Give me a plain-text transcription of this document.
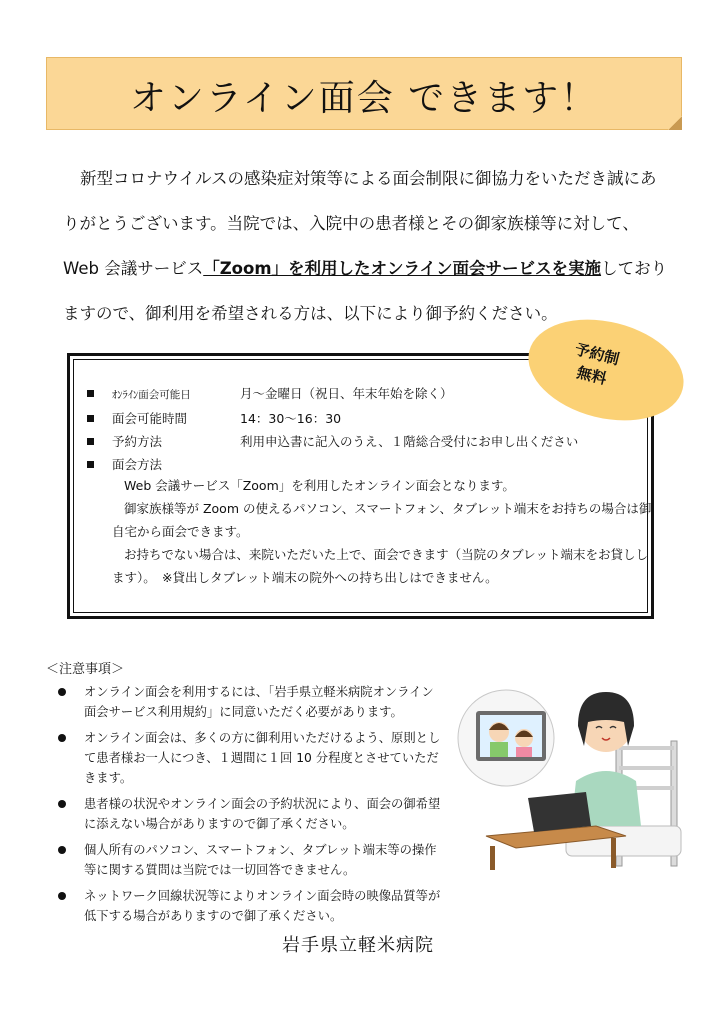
オンライン面会 できます！

新型コロナウイルスの感染症対策等による面会制限に御協力をいただき誠にありがとうございます。当院では、入院中の患者様とその御家族様等に対して、Web 会議サービス「Zoom」を利用したオンライン面会サービスを実施しておりますので、御利用を希望される方は、以下により御予約ください。

ｵﾝﾗｲﾝ面会可能日	月～金曜日（祝日、年末年始を除く）
面会可能時間	14：30～16：30
予約方法	利用申込書に記入のうえ、１階総合受付にお申し出ください
面会方法

Web 会議サービス「Zoom」を利用したオンライン面会となります。

御家族様等が Zoom の使えるパソコン、スマートフォン、タブレット端末をお持ちの場合は御自宅から面会できます。

お持ちでない場合は、来院いただいた上で、面会できます（当院のタブレット端末をお貸しします）。　※貸出しタブレット端末の院外への持ち出しはできません。

予約制
無料
＜注意事項＞
オンライン面会を利用するには、「岩手県立軽米病院オンライン面会サービス利用規約」に同意いただく必要があります。
オンライン面会は、多くの方に御利用いただけるよう、原則として患者様お一人につき、１週間に１回 10 分程度とさせていただきます。
患者様の状況やオンライン面会の予約状況により、面会の御希望に添えない場合がありますので御了承ください。
個人所有のパソコン、スマートフォン、タブレット端末等の操作等に関する質問は当院では一切回答できません。
ネットワーク回線状況等によりオンライン面会時の映像品質等が低下する場合がありますので御了承ください。
岩手県立軽米病院
